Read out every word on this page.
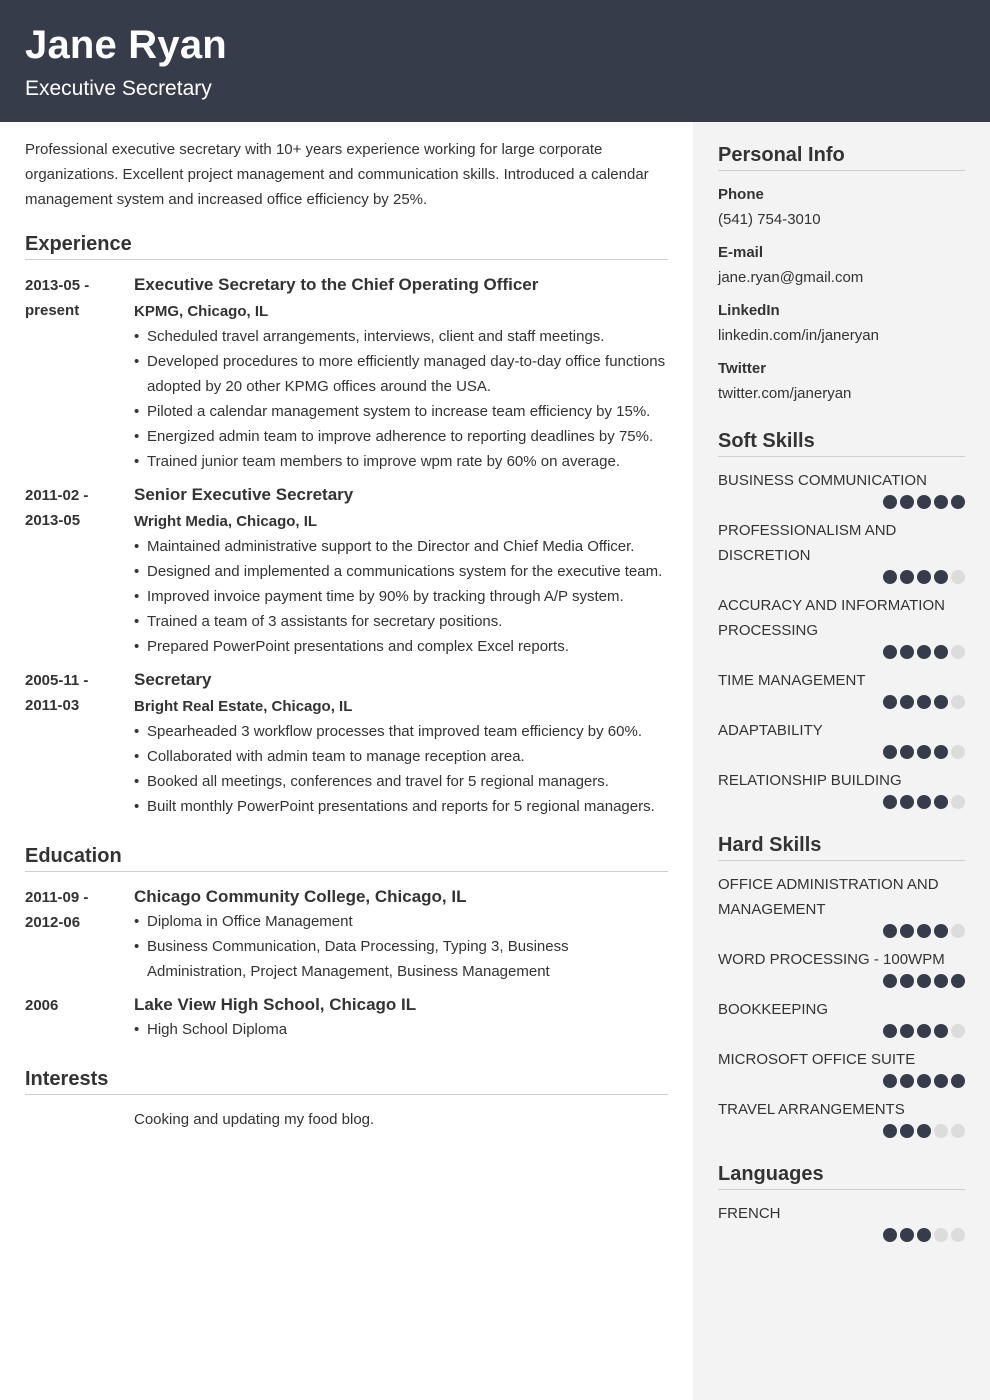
Jane Ryan
Executive Secretary

Professional executive secretary with 10+ years experience working for large corporate organizations. Excellent project management and communication skills. Introduced a calendar management system and increased office efficiency by 25%.

Experience
2013-05 -
present
Executive Secretary to the Chief Operating Officer
KPMG, Chicago, IL
• Scheduled travel arrangements, interviews, client and staff meetings.
• Developed procedures to more efficiently managed day-to-day office functions adopted by 20 other KPMG offices around the USA.
• Piloted a calendar management system to increase team efficiency by 15%.
• Energized admin team to improve adherence to reporting deadlines by 75%.
• Trained junior team members to improve wpm rate by 60% on average.
2011-02 -
2013-05
Senior Executive Secretary
Wright Media, Chicago, IL
• Maintained administrative support to the Director and Chief Media Officer.
• Designed and implemented a communications system for the executive team.
• Improved invoice payment time by 90% by tracking through A/P system.
• Trained a team of 3 assistants for secretary positions.
• Prepared PowerPoint presentations and complex Excel reports.
2005-11 -
2011-03
Secretary
Bright Real Estate, Chicago, IL
• Spearheaded 3 workflow processes that improved team efficiency by 60%.
• Collaborated with admin team to manage reception area.
• Booked all meetings, conferences and travel for 5 regional managers.
• Built monthly PowerPoint presentations and reports for 5 regional managers.
Education
2011-09 -
2012-06
Chicago Community College, Chicago, IL
• Diploma in Office Management
• Business Communication, Data Processing, Typing 3, Business Administration, Project Management, Business Management
2006	Lake View High School, Chicago IL
• High School Diploma
Interests
Cooking and updating my food blog.
Personal Info
Phone
(541) 754-3010
E-mail
jane.ryan@gmail.com
LinkedIn
linkedin.com/in/janeryan
Twitter
twitter.com/janeryan
Soft Skills
BUSINESS COMMUNICATION
PROFESSIONALISM AND DISCRETION
ACCURACY AND INFORMATION PROCESSING
TIME MANAGEMENT
ADAPTABILITY
RELATIONSHIP BUILDING
Hard Skills
OFFICE ADMINISTRATION AND MANAGEMENT
WORD PROCESSING - 100WPM
BOOKKEEPING
MICROSOFT OFFICE SUITE
TRAVEL ARRANGEMENTS
Languages
FRENCH
